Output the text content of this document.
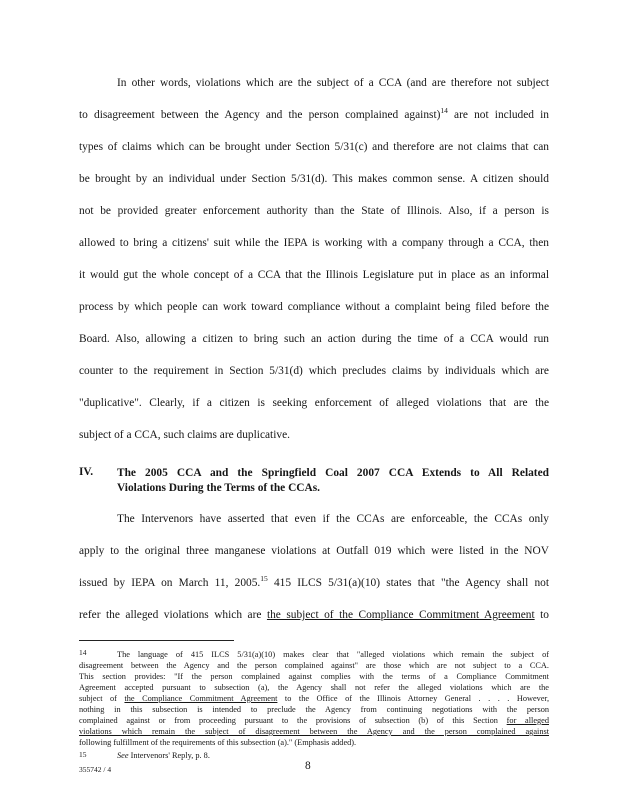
In other words, violations which are the subject of a CCA (and are therefore not subject
to disagreement between the Agency and the person complained against)$^{14}$ are not included in
types of claims which can be brought under Section 5/31(c) and therefore are not claims that can
be brought by an individual under Section 5/31(d). This makes common sense. A citizen should
not be provided greater enforcement authority than the State of Illinois. Also, if a person is
allowed to bring a citizens' suit while the IEPA is working with a company through a CCA, then
it would gut the whole concept of a CCA that the Illinois Legislature put in place as an informal
process by which people can work toward compliance without a complaint being filed before the
Board. Also, allowing a citizen to bring such an action during the time of a CCA would run
counter to the requirement in Section 5/31(d) which precludes claims by individuals which are
"duplicative". Clearly, if a citizen is seeking enforcement of alleged violations that are the
subject of a CCA, such claims are duplicative.
IV. The 2005 CCA and the Springfield Coal 2007 CCA Extends to All Related
Violations During the Terms of the CCAs.
The Intervenors have asserted that even if the CCAs are enforceable, the CCAs only
apply to the original three manganese violations at Outfall 019 which were listed in the NOV
issued by IEPA on March 11, 2005.15 415 ILCS 5/31(a)(10) states that "the Agency shall not
refer the alleged violations which are the subject of the Compliance Commitment Agreement to
14	The language of 415 ILCS 5/31(a)(10) makes clear that "alleged violations which remain the subject of
disagreement between the Agency and the person complained against" are those which are not subject to a CCA.
This section provides: "If the person complained against complies with the terms of a Compliance Commitment
Agreement accepted pursuant to subsection (a), the Agency shall not refer the alleged violations which are the
subject of the Compliance Commitment Agreement to the Office of the Illinois Attorney General . . . . However,
nothing in this subsection is intended to preclude the Agency from continuing negotiations with the person
complained against or from proceeding pursuant to the provisions of subsection (b) of this Section for alleged
violations which remain the subject of disagreement between the Agency and the person complained against
following fulfillment of the requirements of this subsection (a)." (Emphasis added).
355742 / 4	8
15	See Intervenors' Reply, p. 8.
